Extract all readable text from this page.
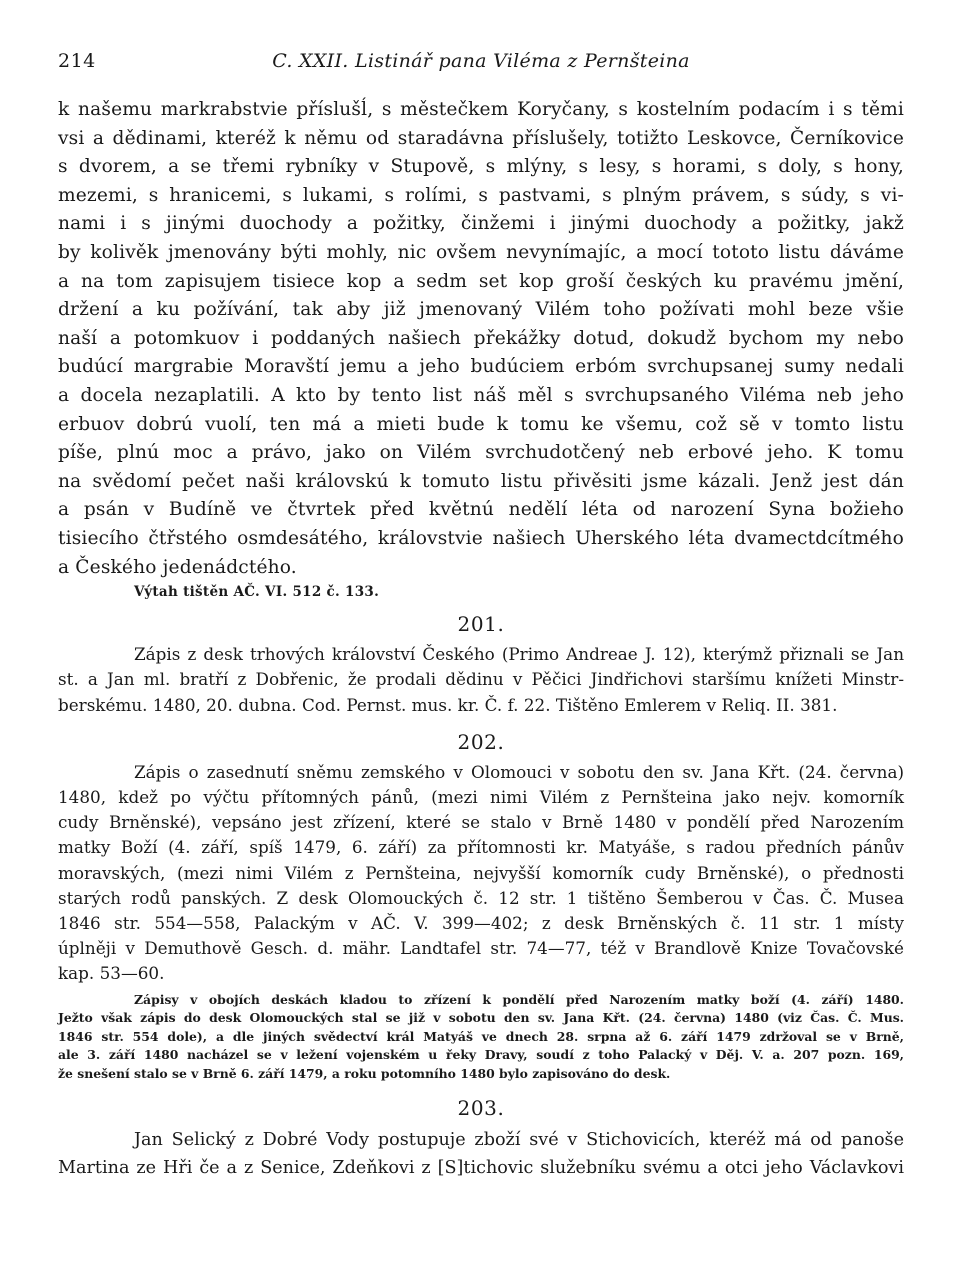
214	C. XXII. Listinář pana Viléma z Pernšteina

k našemu markrabstvie příslušĺ, s městečkem Koryčany, s kostelním podacím i s těmi
vsi a dědinami, kteréž k němu od staradávna příslušely, totižto Leskovce, Černíkovice
s dvorem, a se třemi rybníky v Stupově, s mlýny, s lesy, s horami, s doly, s hony,
mezemi, s hranicemi, s lukami, s rolími, s pastvami, s plným právem, s súdy, s vi-
nami i s jinými duochody a požitky, činžemi i jinými duochody a požitky, jakž
by kolivěk jmenovány býti mohly, nic ovšem nevynímajíc, a mocí tototo listu dáváme
a na tom zapisujem tisiece kop a sedm set kop groší českých ku pravému jmění,
držení a ku požívání, tak aby již jmenovaný Vilém toho požívati mohl beze všie
naší a potomkuov i poddaných našiech překážky dotud, dokudž bychom my nebo
budúcí margrabie Moravští jemu a jeho budúciem erbóm svrchupsanej sumy nedali
a docela nezaplatili. A kto by tento list náš měl s svrchupsaného Viléma neb jeho
erbuov dobrú vuolí, ten má a mieti bude k tomu ke všemu, což sě v tomto listu
píše, plnú moc a právo, jako on Vilém svrchudotčený neb erbové jeho. K tomu
na svědomí pečet naši královskú k tomuto listu přivěsiti jsme kázali. Jenž jest dán
a psán v Budíně ve čtvrtek před květnú nedělí léta od narození Syna božieho
tisiecího čtřstého osmdesátého, královstvie našiech Uherského léta dvamectdcítmého
a Českého jedenádctého.

Výtah tištěn AČ. VI. 512 č. 133.
201.

Zápis z desk trhových království Českého (Primo Andreae J. 12), kterýmž přiznali se Jan
st. a Jan ml. bratří z Dobřenic, že prodali dědinu v Pěčici Jindřichovi staršímu knížeti Minstr-
berskému. 1480, 20. dubna. Cod. Pernst. mus. kr. Č. f. 22. Tištěno Emlerem v Reliq. II. 381.

202.

Zápis o zasednutí sněmu zemského v Olomouci v sobotu den sv. Jana Křt. (24. června)
1480, kdež po výčtu přítomných pánů, (mezi nimi Vilém z Pernšteina jako nejv. komorník
cudy Brněnské), vepsáno jest zřízení, které se stalo v Brně 1480 v pondělí před Narozením
matky Boží (4. září, spíš 1479, 6. září) za přítomnosti kr. Matyáše, s radou předních pánův
moravských, (mezi nimi Vilém z Pernšteina, nejvyšší komorník cudy Brněnské), o přednosti
starých rodů panských. Z desk Olomouckých č. 12 str. 1 tištěno Šemberou v Čas. Č. Musea
1846 str. 554—558, Palackým v AČ. V. 399—402; z desk Brněnských č. 11 str. 1 místy
úplněji v Demuthově Gesch. d. mähr. Landtafel str. 74—77, též v Brandlově Knize Tovačovské
kap. 53—60.

Zápisy v obojích deskách kladou to zřízení k pondělí před Narozením matky boží (4. září) 1480.
Ježto však zápis do desk Olomouckých stal se již v sobotu den sv. Jana Křt. (24. června) 1480 (viz Čas. Č. Mus.
1846 str. 554 dole), a dle jiných svědectví král Matyáš ve dnech 28. srpna až 6. září 1479 zdržoval se v Brně,
ale 3. září 1480 nacházel se v ležení vojenském u řeky Dravy, soudí z toho Palacký v Děj. V. a. 207 pozn. 169,
že snešení stalo se v Brně 6. září 1479, a roku potomního 1480 bylo zapisováno do desk.

203.

Jan Selický z Dobré Vody postupuje zboží své v Stichovicích, kteréž má od panoše
Martina ze Hři če a z Senice, Zdeňkovi z [S]tichovic služebníku svému a otci jeho Václavkovi
